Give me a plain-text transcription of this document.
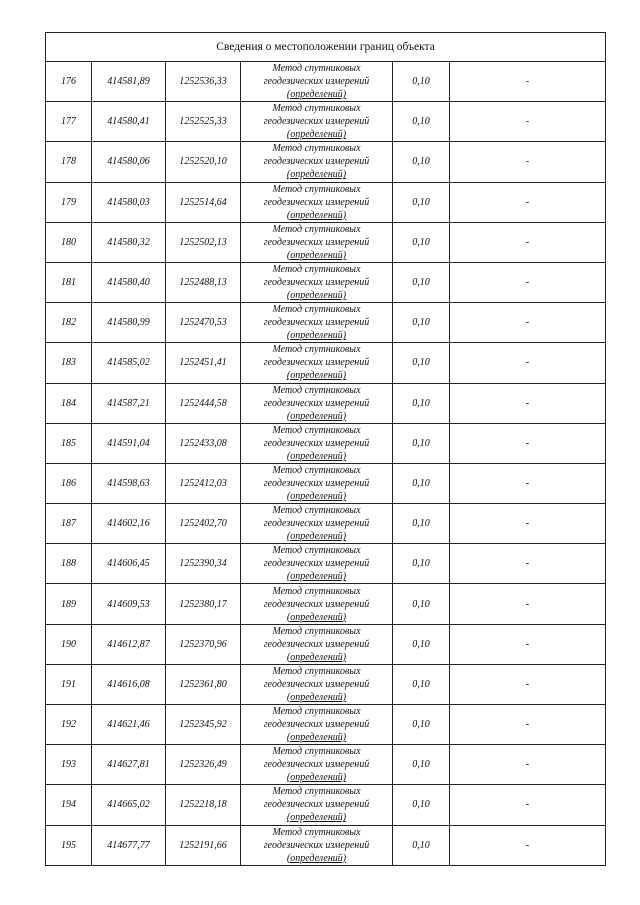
Сведения о местоположении границ объекта					
176	414581,89	1252536,33	Метод спутниковых
геодезических измерений
(определений)	0,10	-
177	414580,41	1252525,33	Метод спутниковых
геодезических измерений
(определений)	0,10	-
178	414580,06	1252520,10	Метод спутниковых
геодезических измерений
(определений)	0,10	-
179	414580,03	1252514,64	Метод спутниковых
геодезических измерений
(определений)	0,10	-
180	414580,32	1252502,13	Метод спутниковых
геодезических измерений
(определений)	0,10	-
181	414580,40	1252488,13	Метод спутниковых
геодезических измерений
(определений)	0,10	-
182	414580,99	1252470,53	Метод спутниковых
геодезических измерений
(определений)	0,10	-
183	414585,02	1252451,41	Метод спутниковых
геодезических измерений
(определений)	0,10	-
184	414587,21	1252444,58	Метод спутниковых
геодезических измерений
(определений)	0,10	-
185	414591,04	1252433,08	Метод спутниковых
геодезических измерений
(определений)	0,10	-
186	414598,63	1252412,03	Метод спутниковых
геодезических измерений
(определений)	0,10	-
187	414602,16	1252402,70	Метод спутниковых
геодезических измерений
(определений)	0,10	-
188	414606,45	1252390,34	Метод спутниковых
геодезических измерений
(определений)	0,10	-
189	414609,53	1252380,17	Метод спутниковых
геодезических измерений
(определений)	0,10	-
190	414612,87	1252370,96	Метод спутниковых
геодезических измерений
(определений)	0,10	-
191	414616,08	1252361,80	Метод спутниковых
геодезических измерений
(определений)	0,10	-
192	414621,46	1252345,92	Метод спутниковых
геодезических измерений
(определений)	0,10	-
193	414627,81	1252326,49	Метод спутниковых
геодезических измерений
(определений)	0,10	-
194	414665,02	1252218,18	Метод спутниковых
геодезических измерений
(определений)	0,10	-
195	414677,77	1252191,66	Метод спутниковых
геодезических измерений
(определений)	0,10	-
